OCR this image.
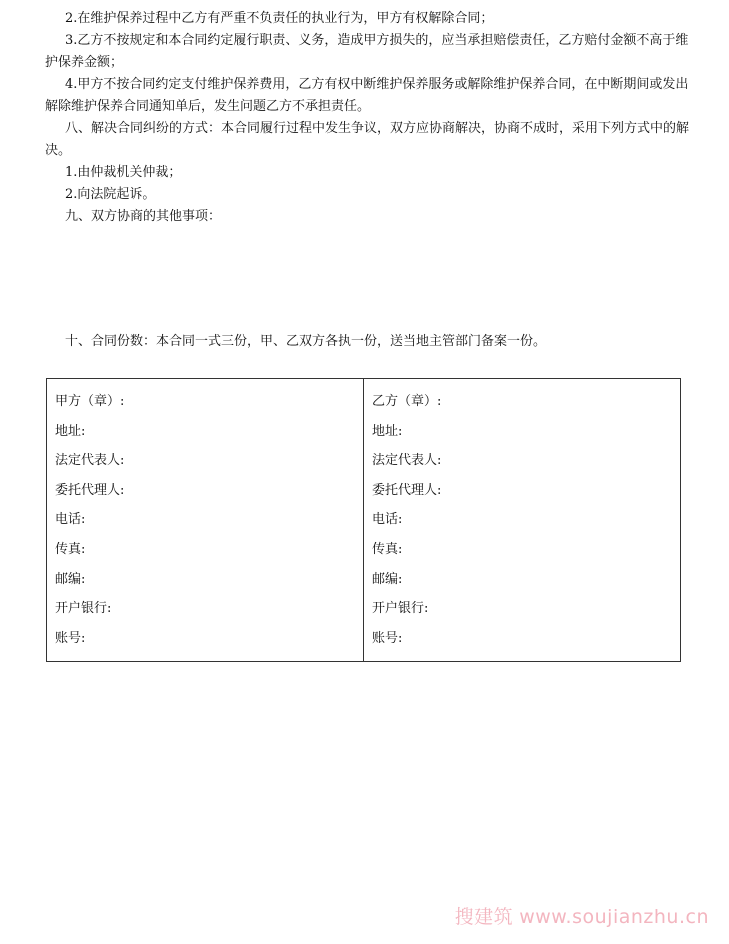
2.在维护保养过程中乙方有严重不负责任的执业行为，甲方有权解除合同；
3.乙方不按规定和本合同约定履行职责、义务，造成甲方损失的，应当承担赔偿责任，乙方赔付金额不高于维护保养金额；
4.甲方不按合同约定支付维护保养费用，乙方有权中断维护保养服务或解除维护保养合同，在中断期间或发出解除维护保养合同通知单后，发生问题乙方不承担责任。
八、解决合同纠纷的方式：本合同履行过程中发生争议，双方应协商解决，协商不成时，采用下列方式中的解决。
1.由仲裁机关仲裁；
2.向法院起诉。
九、双方协商的其他事项：
十、合同份数：本合同一式三份，甲、乙双方各执一份，送当地主管部门备案一份。
甲方（章）:
地址:
法定代表人:
委托代理人:
电话:
传真:
邮编:
开户银行:
账号:

乙方（章）:
地址:
法定代表人:
委托代理人:
电话:
传真:
邮编:
开户银行:
账号:
搜建筑 www.soujianzhu.cn
